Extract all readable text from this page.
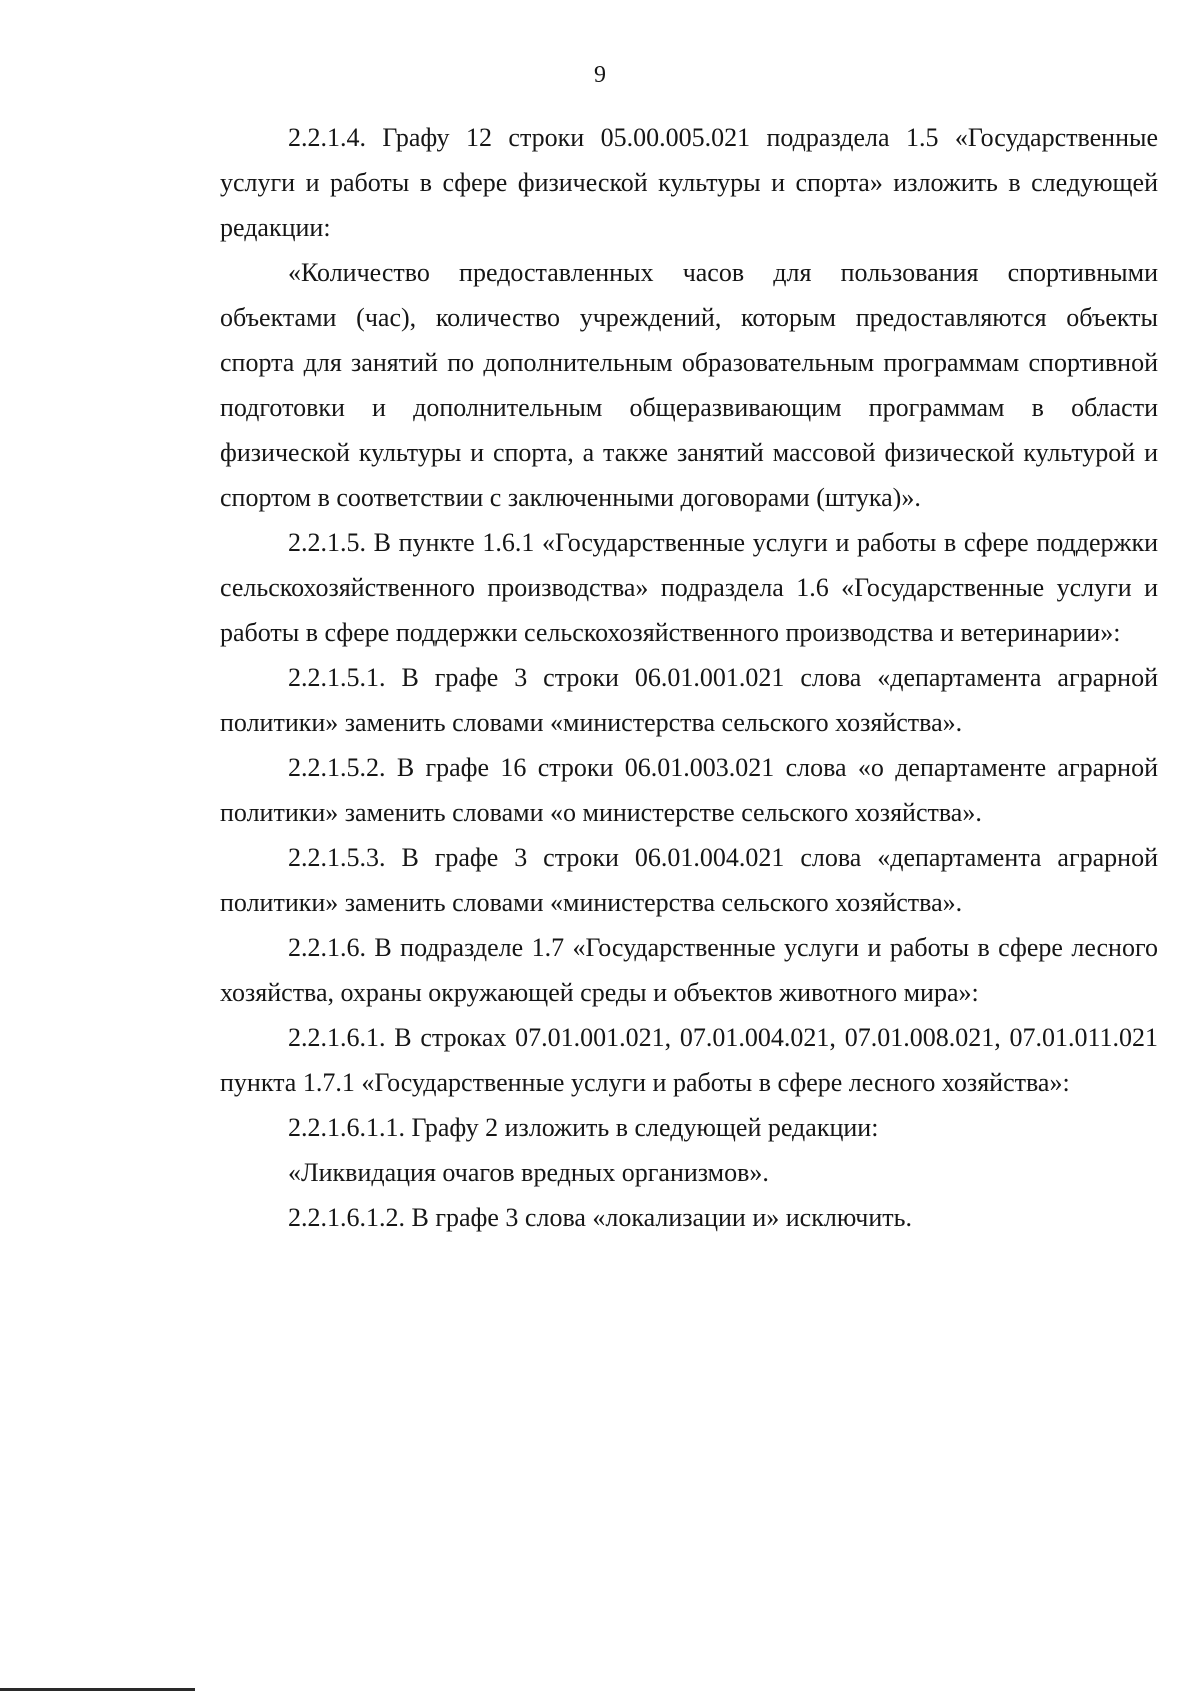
9

2.2.1.4. Графу 12 строки 05.00.005.021 подраздела 1.5 «Государственные услуги и работы в сфере физической культуры и спорта» изложить в следующей редакции:

«Количество предоставленных часов для пользования спортивными объектами (час), количество учреждений, которым предоставляются объекты спорта для занятий по дополнительным образовательным программам спортивной подготовки и дополнительным общеразвивающим программам в области физической культуры и спорта, а также занятий массовой физической культурой и спортом в соответствии с заключенными договорами (штука)».

2.2.1.5. В пункте 1.6.1 «Государственные услуги и работы в сфере поддержки сельскохозяйственного производства» подраздела 1.6 «Государственные услуги и работы в сфере поддержки сельскохозяйственного производства и ветеринарии»:

2.2.1.5.1. В графе 3 строки 06.01.001.021 слова «департамента аграрной политики» заменить словами «министерства сельского хозяйства».

2.2.1.5.2. В графе 16 строки 06.01.003.021 слова «о департаменте аграрной политики» заменить словами «о министерстве сельского хозяйства».

2.2.1.5.3. В графе 3 строки 06.01.004.021 слова «департамента аграрной политики» заменить словами «министерства сельского хозяйства».

2.2.1.6. В подразделе 1.7 «Государственные услуги и работы в сфере лесного хозяйства, охраны окружающей среды и объектов животного мира»:

2.2.1.6.1. В строках 07.01.001.021, 07.01.004.021, 07.01.008.021, 07.01.011.021 пункта 1.7.1 «Государственные услуги и работы в сфере лесного хозяйства»:

2.2.1.6.1.1. Графу 2 изложить в следующей редакции:

«Ликвидация очагов вредных организмов».

2.2.1.6.1.2. В графе 3 слова «локализации и» исключить.
